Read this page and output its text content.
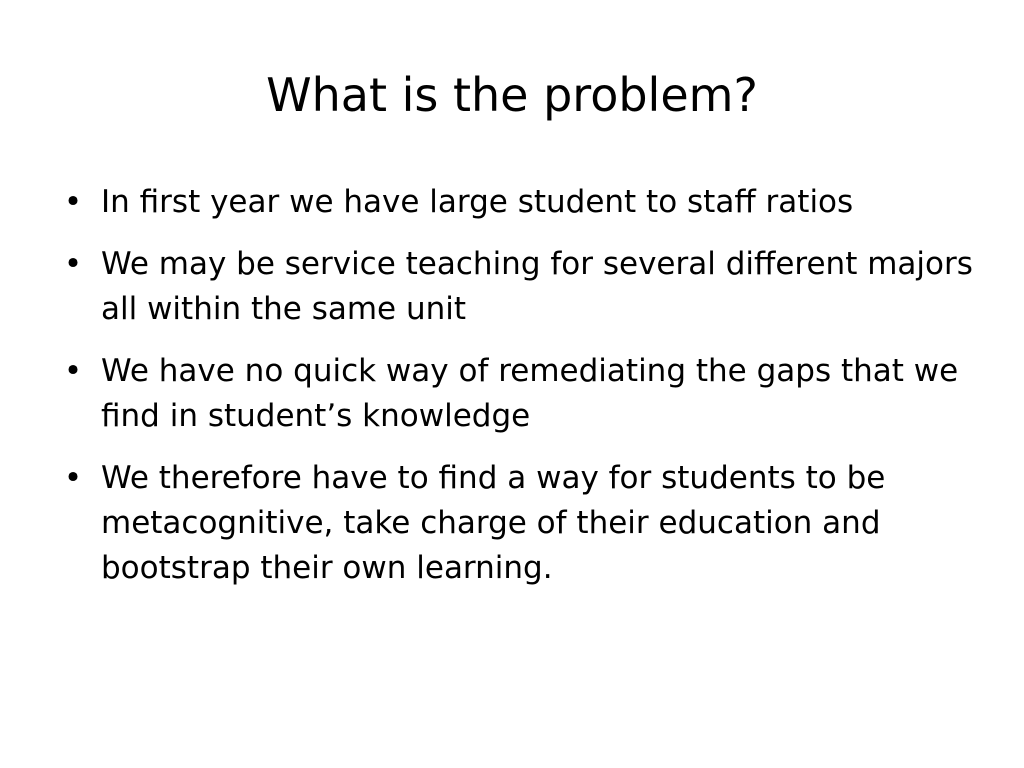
What is the problem?
• In first year we have large student to staff ratios
• We may be service teaching for several different majors all within the same unit
• We have no quick way of remediating the gaps that we find in student’s knowledge
• We therefore have to find a way for students to be metacognitive, take charge of their education and bootstrap their own learning.
